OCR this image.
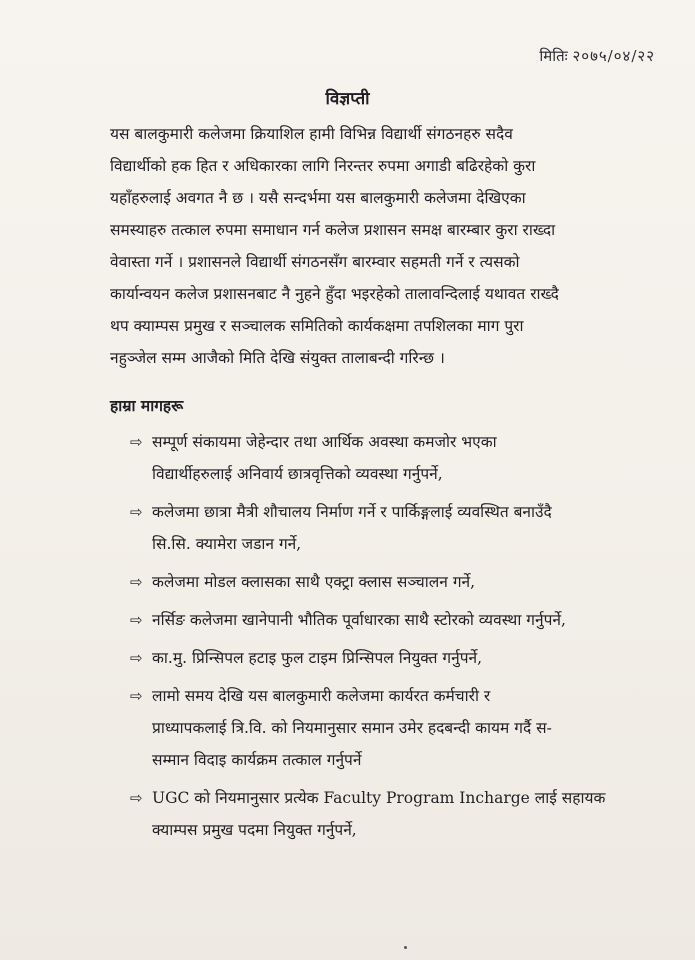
मितिः २०७५/०४/२२
विज्ञप्ती
यस बालकुमारी कलेजमा क्रियाशिल हामी विभिन्न विद्यार्थी संगठनहरु सदैव
विद्यार्थीको हक हित र अधिकारका लागि निरन्तर रुपमा अगाडी बढिरहेको कुरा
यहाँहरुलाई अवगत नै छ । यसै सन्दर्भमा यस बालकुमारी कलेजमा देखिएका
समस्याहरु तत्काल रुपमा समाधान गर्न कलेज प्रशासन समक्ष बारम्बार कुरा राख्दा
वेवास्ता गर्ने । प्रशासनले विद्यार्थी संगठनसँग बारम्वार सहमती गर्ने र त्यसको
कार्यान्वयन कलेज प्रशासनबाट नै नुहने हुँदा भइरहेको तालावन्दिलाई यथावत राख्दै
थप क्याम्पस प्रमुख र सञ्चालक समितिको कार्यकक्षमा तपशिलका माग पुरा
नहुञ्जेल सम्म आजैको मिति देखि संयुक्त तालाबन्दी गरिन्छ ।
हाम्रा मागहरू
⇨ सम्पूर्ण संकायमा जेहेन्दार तथा आर्थिक अवस्था कमजोर भएका
विद्यार्थीहरुलाई अनिवार्य छात्रवृत्तिको व्यवस्था गर्नुपर्ने,
⇨ कलेजमा छात्रा मैत्री शौचालय निर्माण गर्ने र पार्किङ्गलाई व्यवस्थित बनाउँदै
सि.सि. क्यामेरा जडान गर्ने,
⇨ कलेजमा मोडल क्लासका साथै एक्ट्रा क्लास सञ्चालन गर्ने,
⇨ नर्सिङ कलेजमा खानेपानी भौतिक पूर्वाधारका साथै स्टोरको व्यवस्था गर्नुपर्ने,
⇨ का.मु. प्रिन्सिपल हटाइ फुल टाइम प्रिन्सिपल नियुक्त गर्नुपर्ने,
⇨ लामो समय देखि यस बालकुमारी कलेजमा कार्यरत कर्मचारी र
प्राध्यापकलाई त्रि.वि. को नियमानुसार समान उमेर हदबन्दी कायम गर्दै स-
सम्मान विदाइ कार्यक्रम तत्काल गर्नुपर्ने
⇨ UGC को नियमानुसार प्रत्येक Faculty Program Incharge लाई सहायक
क्याम्पस प्रमुख पदमा नियुक्त गर्नुपर्ने,
